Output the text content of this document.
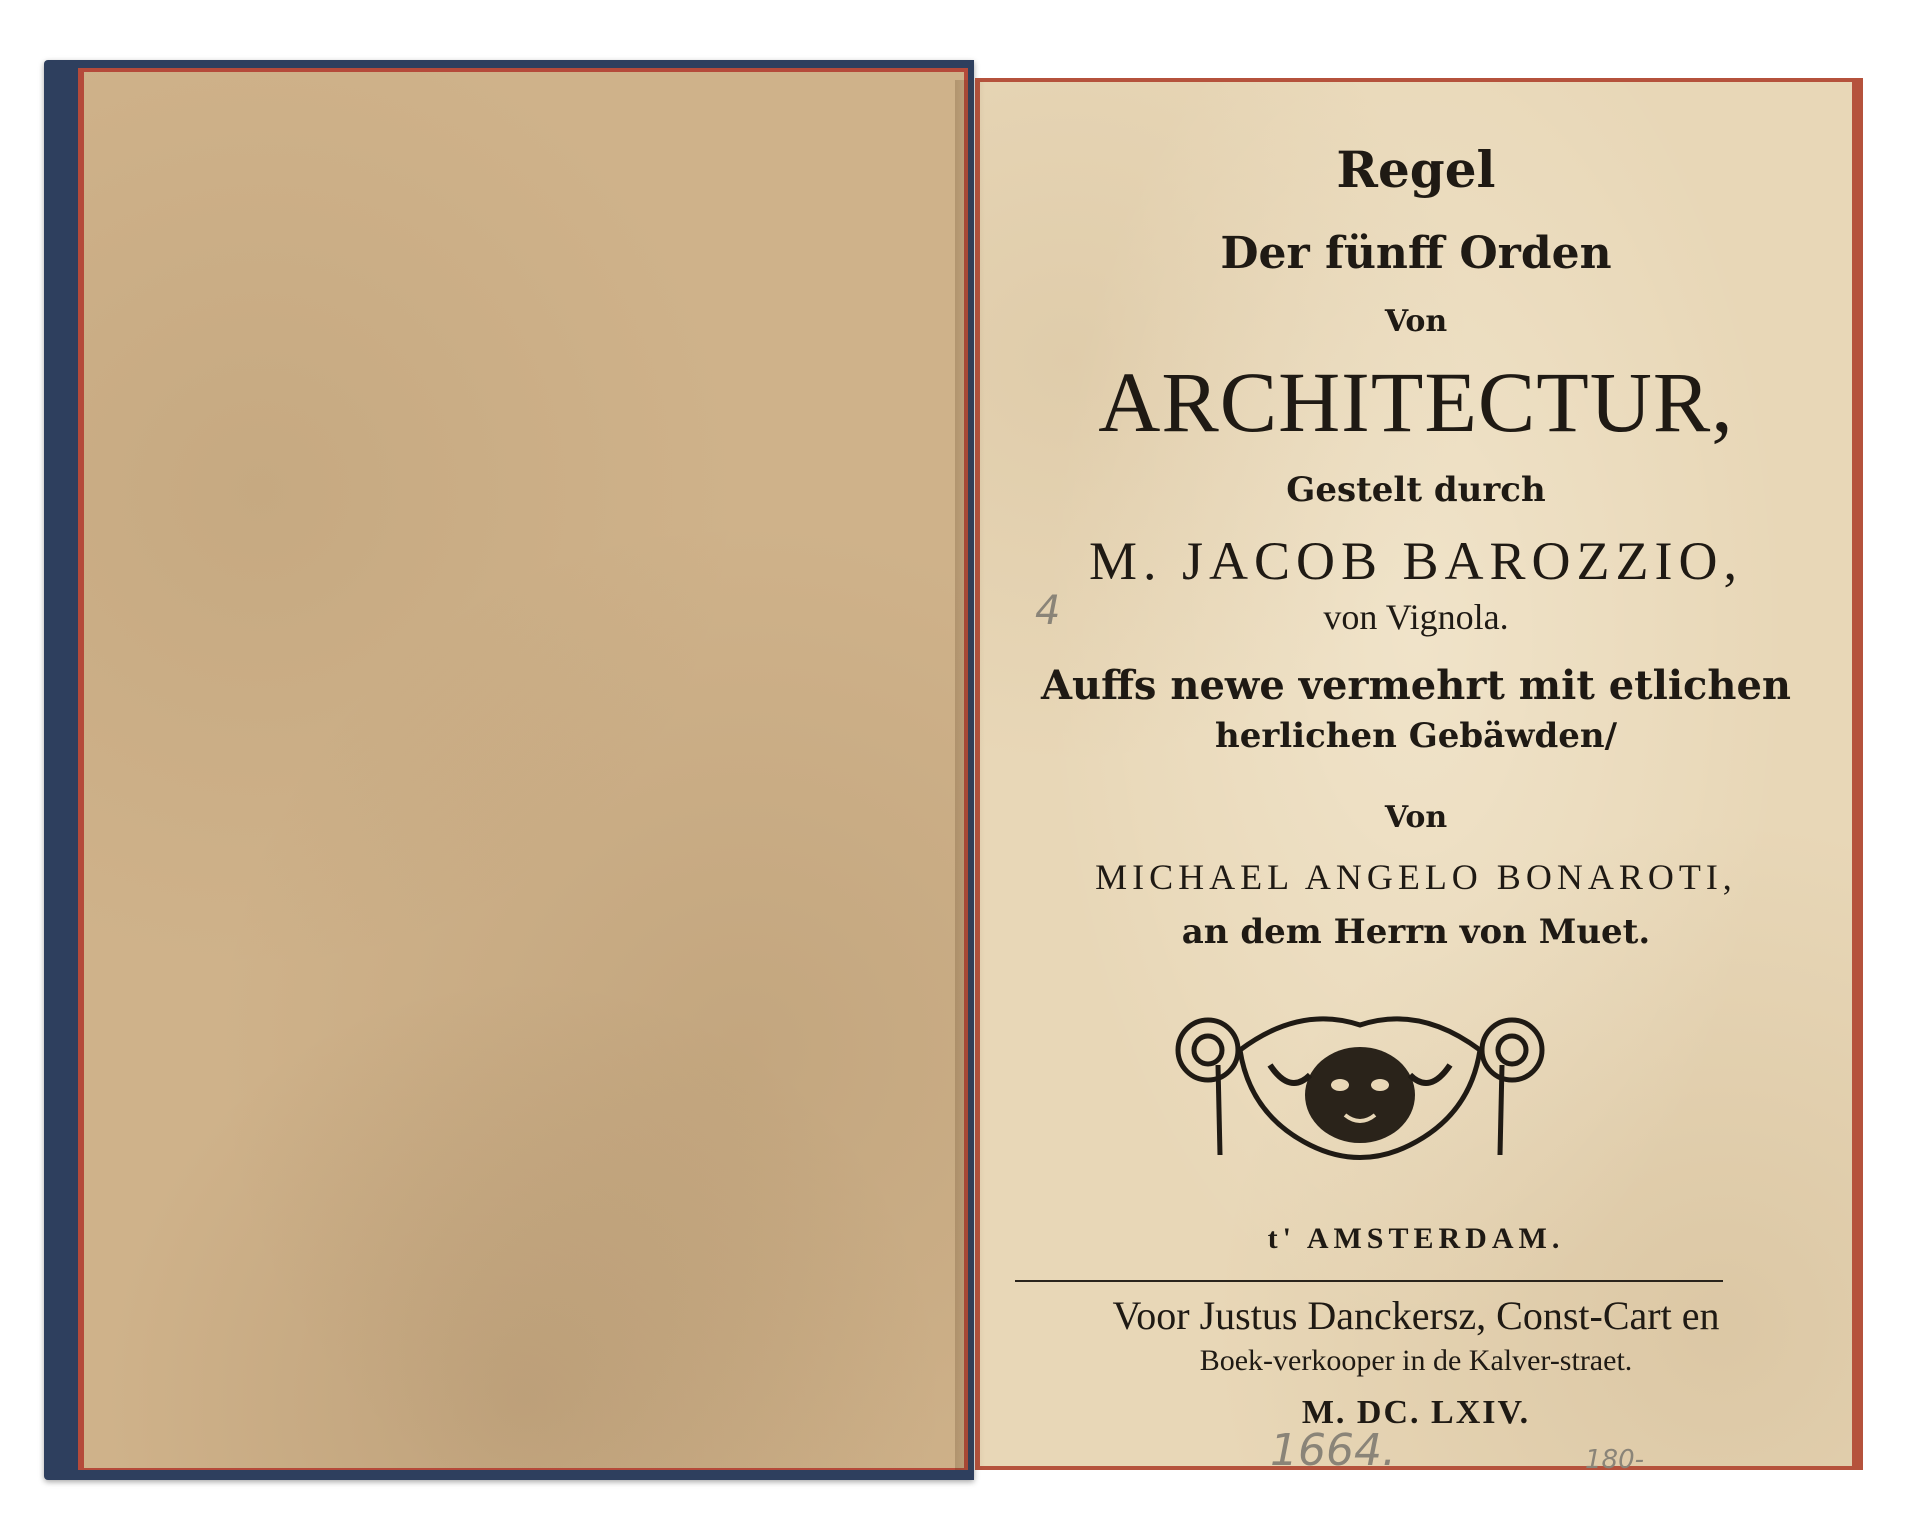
Regel
Der fünff Orden
Von
ARCHITECTUR,
Gestelt durch
M. JACOB BAROZZIO,
von Vignola.
Auffs newe vermehrt mit etlichen
herlichen Gebäwden/
Von
MICHAEL ANGELO BONAROTI,
an dem Herrn von Muet.
t' AMSTERDAM.
Voor Justus Danckersz, Const-Cart en
Boek-verkooper in de Kalver-straet.
M. DC. LXIV.
4
1664.	180-
